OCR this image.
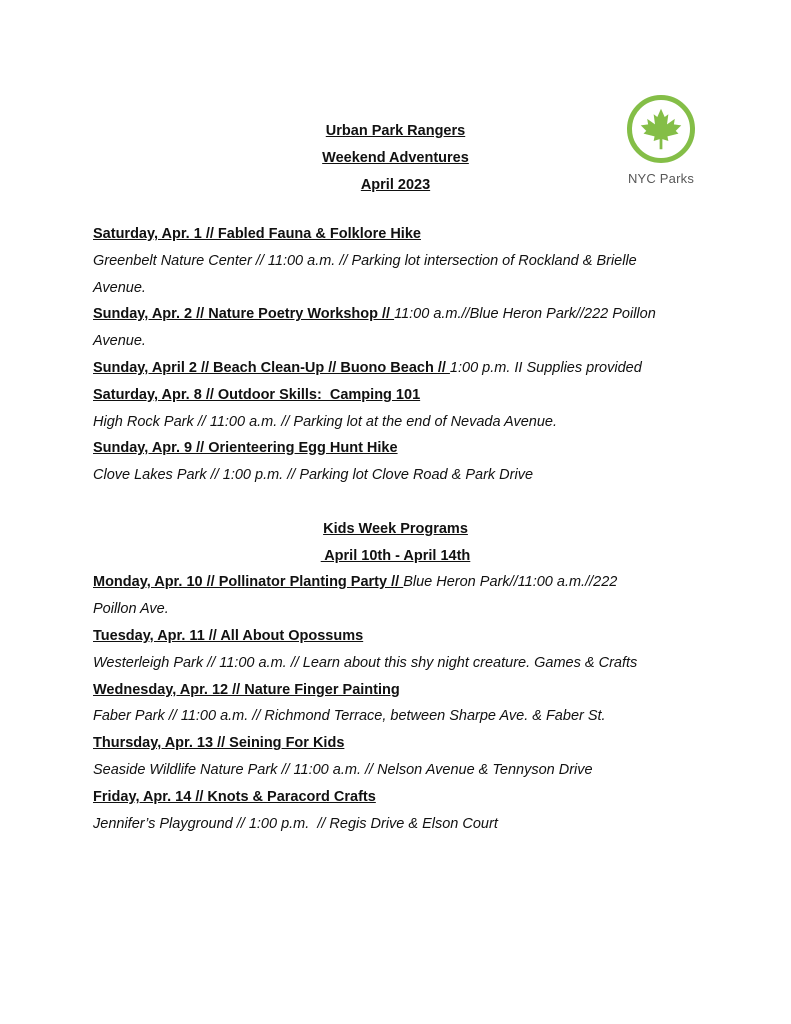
NYC Parks
Urban Park Rangers
Weekend Adventures
April 2023
Saturday, Apr. 1 // Fabled Fauna & Folklore Hike
Greenbelt Nature Center // 11:00 a.m. // Parking lot intersection of Rockland & Brielle
Avenue.
Sunday, Apr. 2 // Nature Poetry Workshop // 11:00 a.m.//Blue Heron Park//222 Poillon
Avenue.
Sunday, April 2 // Beach Clean-Up // Buono Beach // 1:00 p.m. II Supplies provided
Saturday, Apr. 8 // Outdoor Skills:  Camping 101
High Rock Park // 11:00 a.m. // Parking lot at the end of Nevada Avenue.
Sunday, Apr. 9 // Orienteering Egg Hunt Hike
Clove Lakes Park // 1:00 p.m. // Parking lot Clove Road & Park Drive
Kids Week Programs
April 10th - April 14th
Monday, Apr. 10 // Pollinator Planting Party // Blue Heron Park//11:00 a.m.//222
Poillon Ave.
Tuesday, Apr. 11 // All About Opossums
Westerleigh Park // 11:00 a.m. // Learn about this shy night creature. Games & Crafts
Wednesday, Apr. 12 // Nature Finger Painting
Faber Park // 11:00 a.m. // Richmond Terrace, between Sharpe Ave. & Faber St.
Thursday, Apr. 13 // Seining For Kids
Seaside Wildlife Nature Park // 11:00 a.m. // Nelson Avenue & Tennyson Drive
Friday, Apr. 14 // Knots & Paracord Crafts
Jennifer’s Playground // 1:00 p.m.  // Regis Drive & Elson Court
